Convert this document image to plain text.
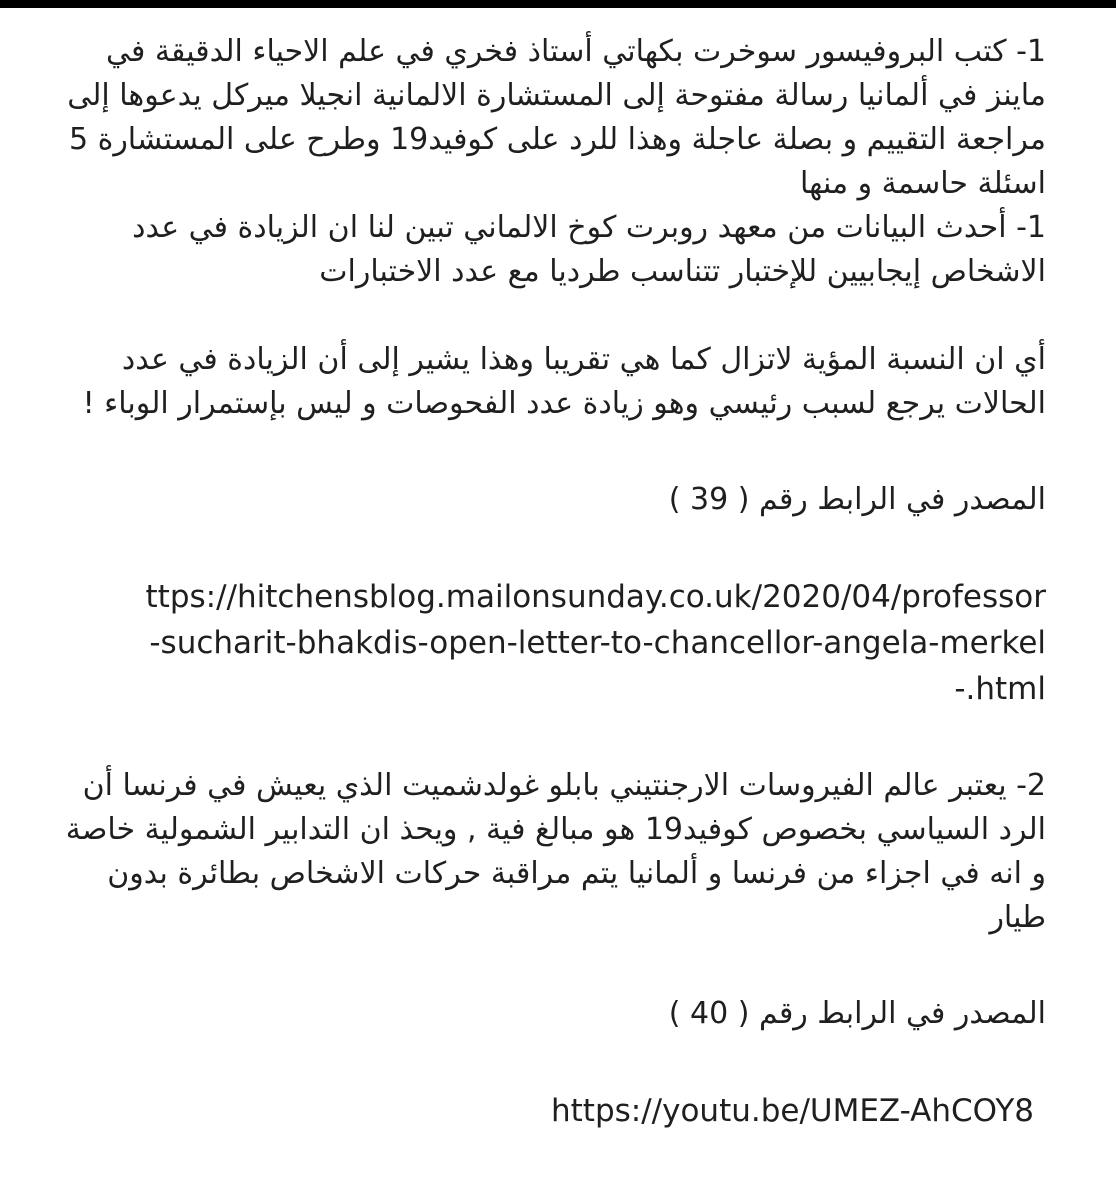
1- كتب البروفيسور سوخرت بكهاتي أستاذ فخري في علم الاحياء الدقيقة في ماينز في ألمانيا رسالة مفتوحة إلى المستشارة الالمانية انجيلا ميركل يدعوها إلى مراجعة التقييم و بصلة عاجلة وهذا للرد على كوفيد19 وطرح على المستشارة 5 اسئلة حاسمة و منها

1- أحدث البيانات من معهد روبرت كوخ الالماني تبين لنا ان الزيادة في عدد الاشخاص إيجابيين للإختبار تتناسب طرديا مع عدد الاختبارات

أي ان النسبة المؤية لاتزال كما هي تقريبا وهذا يشير إلى أن الزيادة في عدد الحالات يرجع لسبب رئيسي وهو زيادة عدد الفحوصات و ليس بإستمرار الوباء !

المصدر في الرابط رقم ( 39 )

ttps://hitchensblog.mailonsunday.co.uk/2020/04/professor
-sucharit-bhakdis-open-letter-to-chancellor-angela-merkel
-.html

2- يعتبر عالم الفيروسات الارجنتيني بابلو غولدشميت الذي يعيش في فرنسا أن الرد السياسي بخصوص كوفيد19 هو مبالغ فية , ويحذ ان التدابير الشمولية خاصة و انه في اجزاء من فرنسا و ألمانيا يتم مراقبة حركات الاشخاص بطائرة بدون طيار

المصدر في الرابط رقم ( 40 )

https://youtu.be/UMEZ-AhCOY8
